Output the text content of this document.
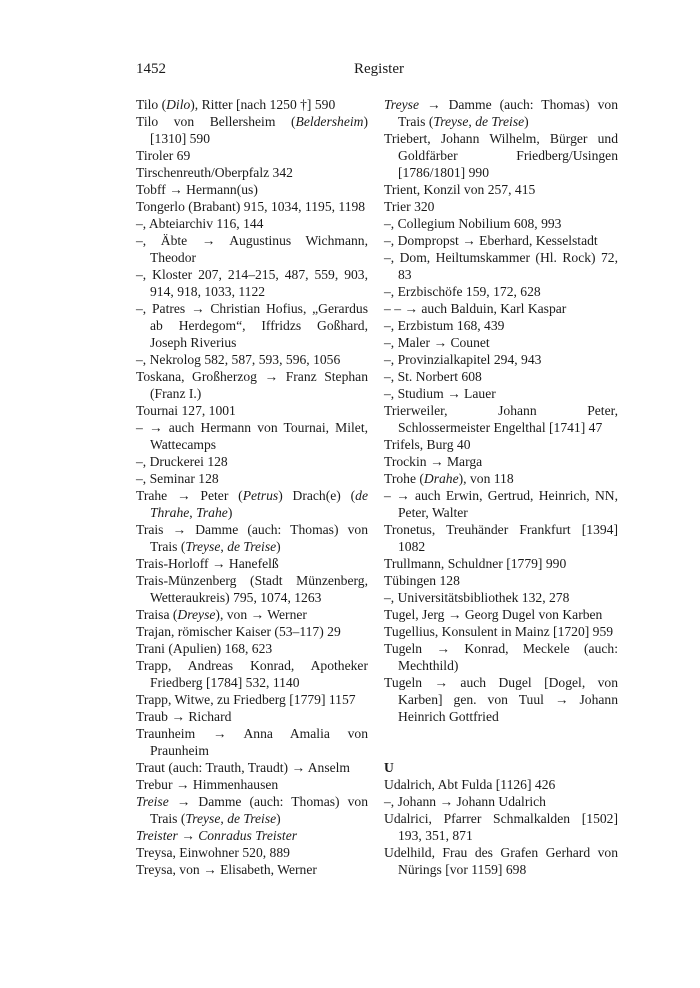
1452	Register

Tilo (Dilo), Ritter [nach 1250 †] 590

Tilo von Bellersheim (Beldersheim) [1310] 590

Tiroler 69

Tirschenreuth/Oberpfalz 342

Tobff → Hermann(us)

Tongerlo (Brabant) 915, 1034, 1195, 1198

–, Abteiarchiv 116, 144

–, Äbte → Augustinus Wichmann, Theodor

–, Kloster 207, 214–215, 487, 559, 903, 914, 918, 1033, 1122

–, Patres → Christian Hofius, „Gerardus ab Herdegom“, Iffridzs Goßhard, Joseph Riverius

–, Nekrolog 582, 587, 593, 596, 1056

Toskana, Großherzog → Franz Stephan (Franz I.)

Tournai 127, 1001

– → auch Hermann von Tournai, Milet, Wattecamps

–, Druckerei 128

–, Seminar 128

Trahe → Peter (Petrus) Drach(e) (de Thrahe, Trahe)

Trais → Damme (auch: Thomas) von Trais (Treyse, de Treise)

Trais-Horloff → Hanefelß

Trais-Münzenberg (Stadt Münzenberg, Wetteraukreis) 795, 1074, 1263

Traisa (Dreyse), von → Werner

Trajan, römischer Kaiser (53–117) 29

Trani (Apulien) 168, 623

Trapp, Andreas Konrad, Apotheker Friedberg [1784] 532, 1140

Trapp, Witwe, zu Friedberg [1779] 1157

Traub → Richard

Traunheim → Anna Amalia von Praunheim

Traut (auch: Trauth, Traudt) → Anselm

Trebur → Himmenhausen

Treise → Damme (auch: Thomas) von Trais (Treyse, de Treise)

Treister → Conradus Treister

Treysa, Einwohner 520, 889

Treysa, von → Elisabeth, Werner

Treyse → Damme (auch: Thomas) von Trais (Treyse, de Treise)

Triebert, Johann Wilhelm, Bürger und Goldfärber Friedberg/Usingen [1786/1801] 990

Trient, Konzil von 257, 415

Trier 320

–, Collegium Nobilium 608, 993

–, Dompropst → Eberhard, Kesselstadt

–, Dom, Heiltumskammer (Hl. Rock) 72, 83

–, Erzbischöfe 159, 172, 628

– – → auch Balduin, Karl Kaspar

–, Erzbistum 168, 439

–, Maler → Counet

–, Provinzialkapitel 294, 943

–, St. Norbert 608

–, Studium → Lauer

Trierweiler, Johann Peter, Schlossermeister Engelthal [1741] 47

Trifels, Burg 40

Trockin → Marga

Trohe (Drahe), von 118

– → auch Erwin, Gertrud, Heinrich, NN, Peter, Walter

Tronetus, Treuhänder Frankfurt [1394] 1082

Trullmann, Schuldner [1779] 990

Tübingen 128

–, Universitätsbibliothek 132, 278

Tugel, Jerg → Georg Dugel von Karben

Tugellius, Konsulent in Mainz [1720] 959

Tugeln → Konrad, Meckele (auch: Mechthild)

Tugeln → auch Dugel [Dogel, von Karben] gen. von Tuul → Johann Heinrich Gottfried

U

Udalrich, Abt Fulda [1126] 426

–, Johann → Johann Udalrich

Udalrici, Pfarrer Schmalkalden [1502] 193, 351, 871

Udelhild, Frau des Grafen Gerhard von Nürings [vor 1159] 698
